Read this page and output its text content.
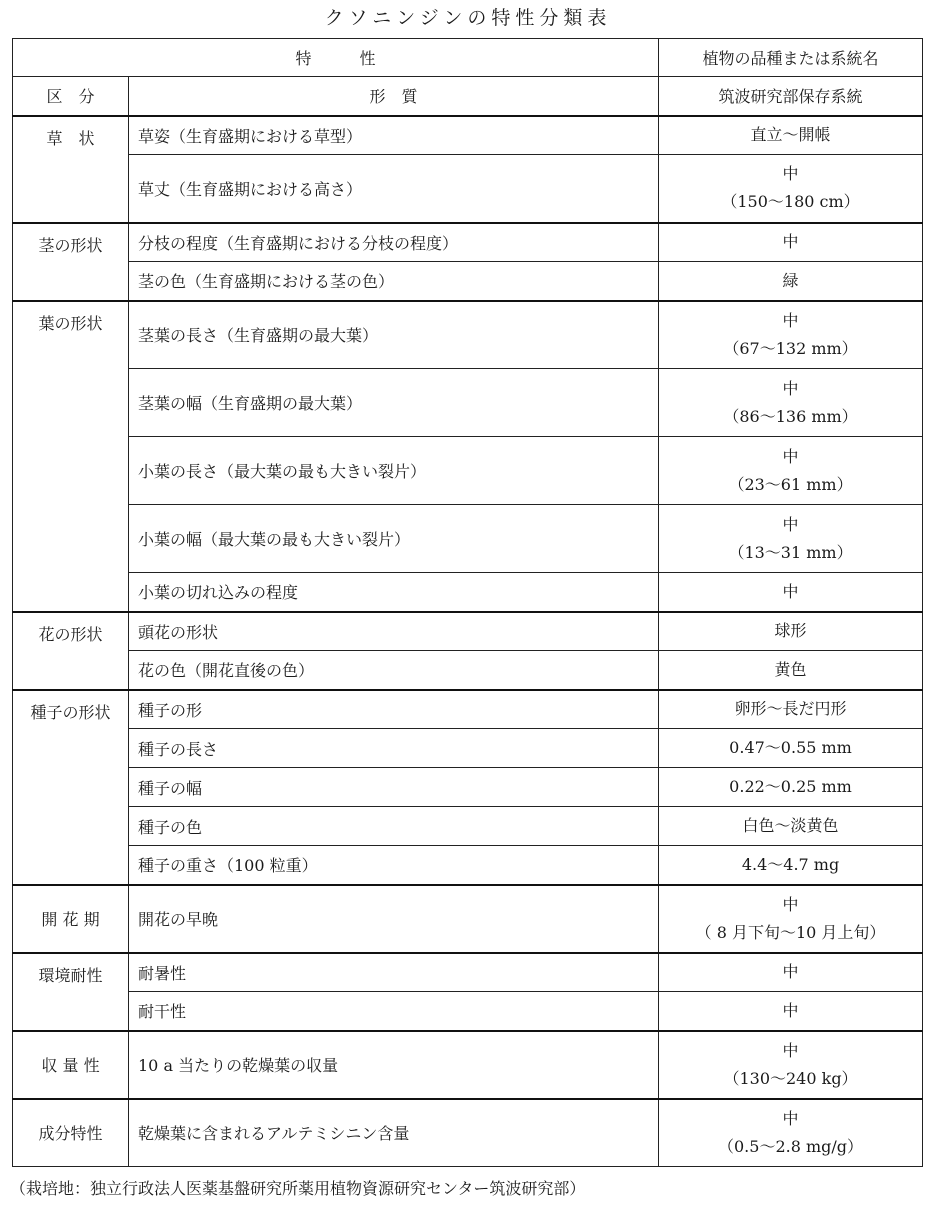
クソニンジンの特性分類表
特　　　性		植物の品種または系統名
区　分	形　質	筑波研究部保存系統
草　状	草姿（生育盛期における草型）	直立～開帳

	草丈（生育盛期における高さ）	中
（150～180 cm）

茎の形状	分枝の程度（生育盛期における分枝の程度）	中

	茎の色（生育盛期における茎の色）	緑

葉の形状	茎葉の長さ（生育盛期の最大葉）	中
（67～132 mm）

	茎葉の幅（生育盛期の最大葉）	中
（86～136 mm）

	小葉の長さ（最大葉の最も大きい裂片）	中
（23～61 mm）

	小葉の幅（最大葉の最も大きい裂片）	中
（13～31 mm）

	小葉の切れ込みの程度	中

花の形状	頭花の形状	球形

	花の色（開花直後の色）	黄色

種子の形状	種子の形	卵形～長だ円形

	種子の長さ	0.47～0.55 mm

	種子の幅	0.22～0.25 mm

	種子の色	白色～淡黄色

	種子の重さ（100 粒重）	4.4～4.7 mg

開 花 期	開花の早晩	中
（ 8 月下旬～10 月上旬）

環境耐性	耐暑性	中

	耐干性	中

収 量 性	10 a 当たりの乾燥葉の収量	中
（130～240 kg）

成分特性	乾燥葉に含まれるアルテミシニン含量	中
（0.5～2.8 mg/g）
（栽培地：独立行政法人医薬基盤研究所薬用植物資源研究センター筑波研究部）
